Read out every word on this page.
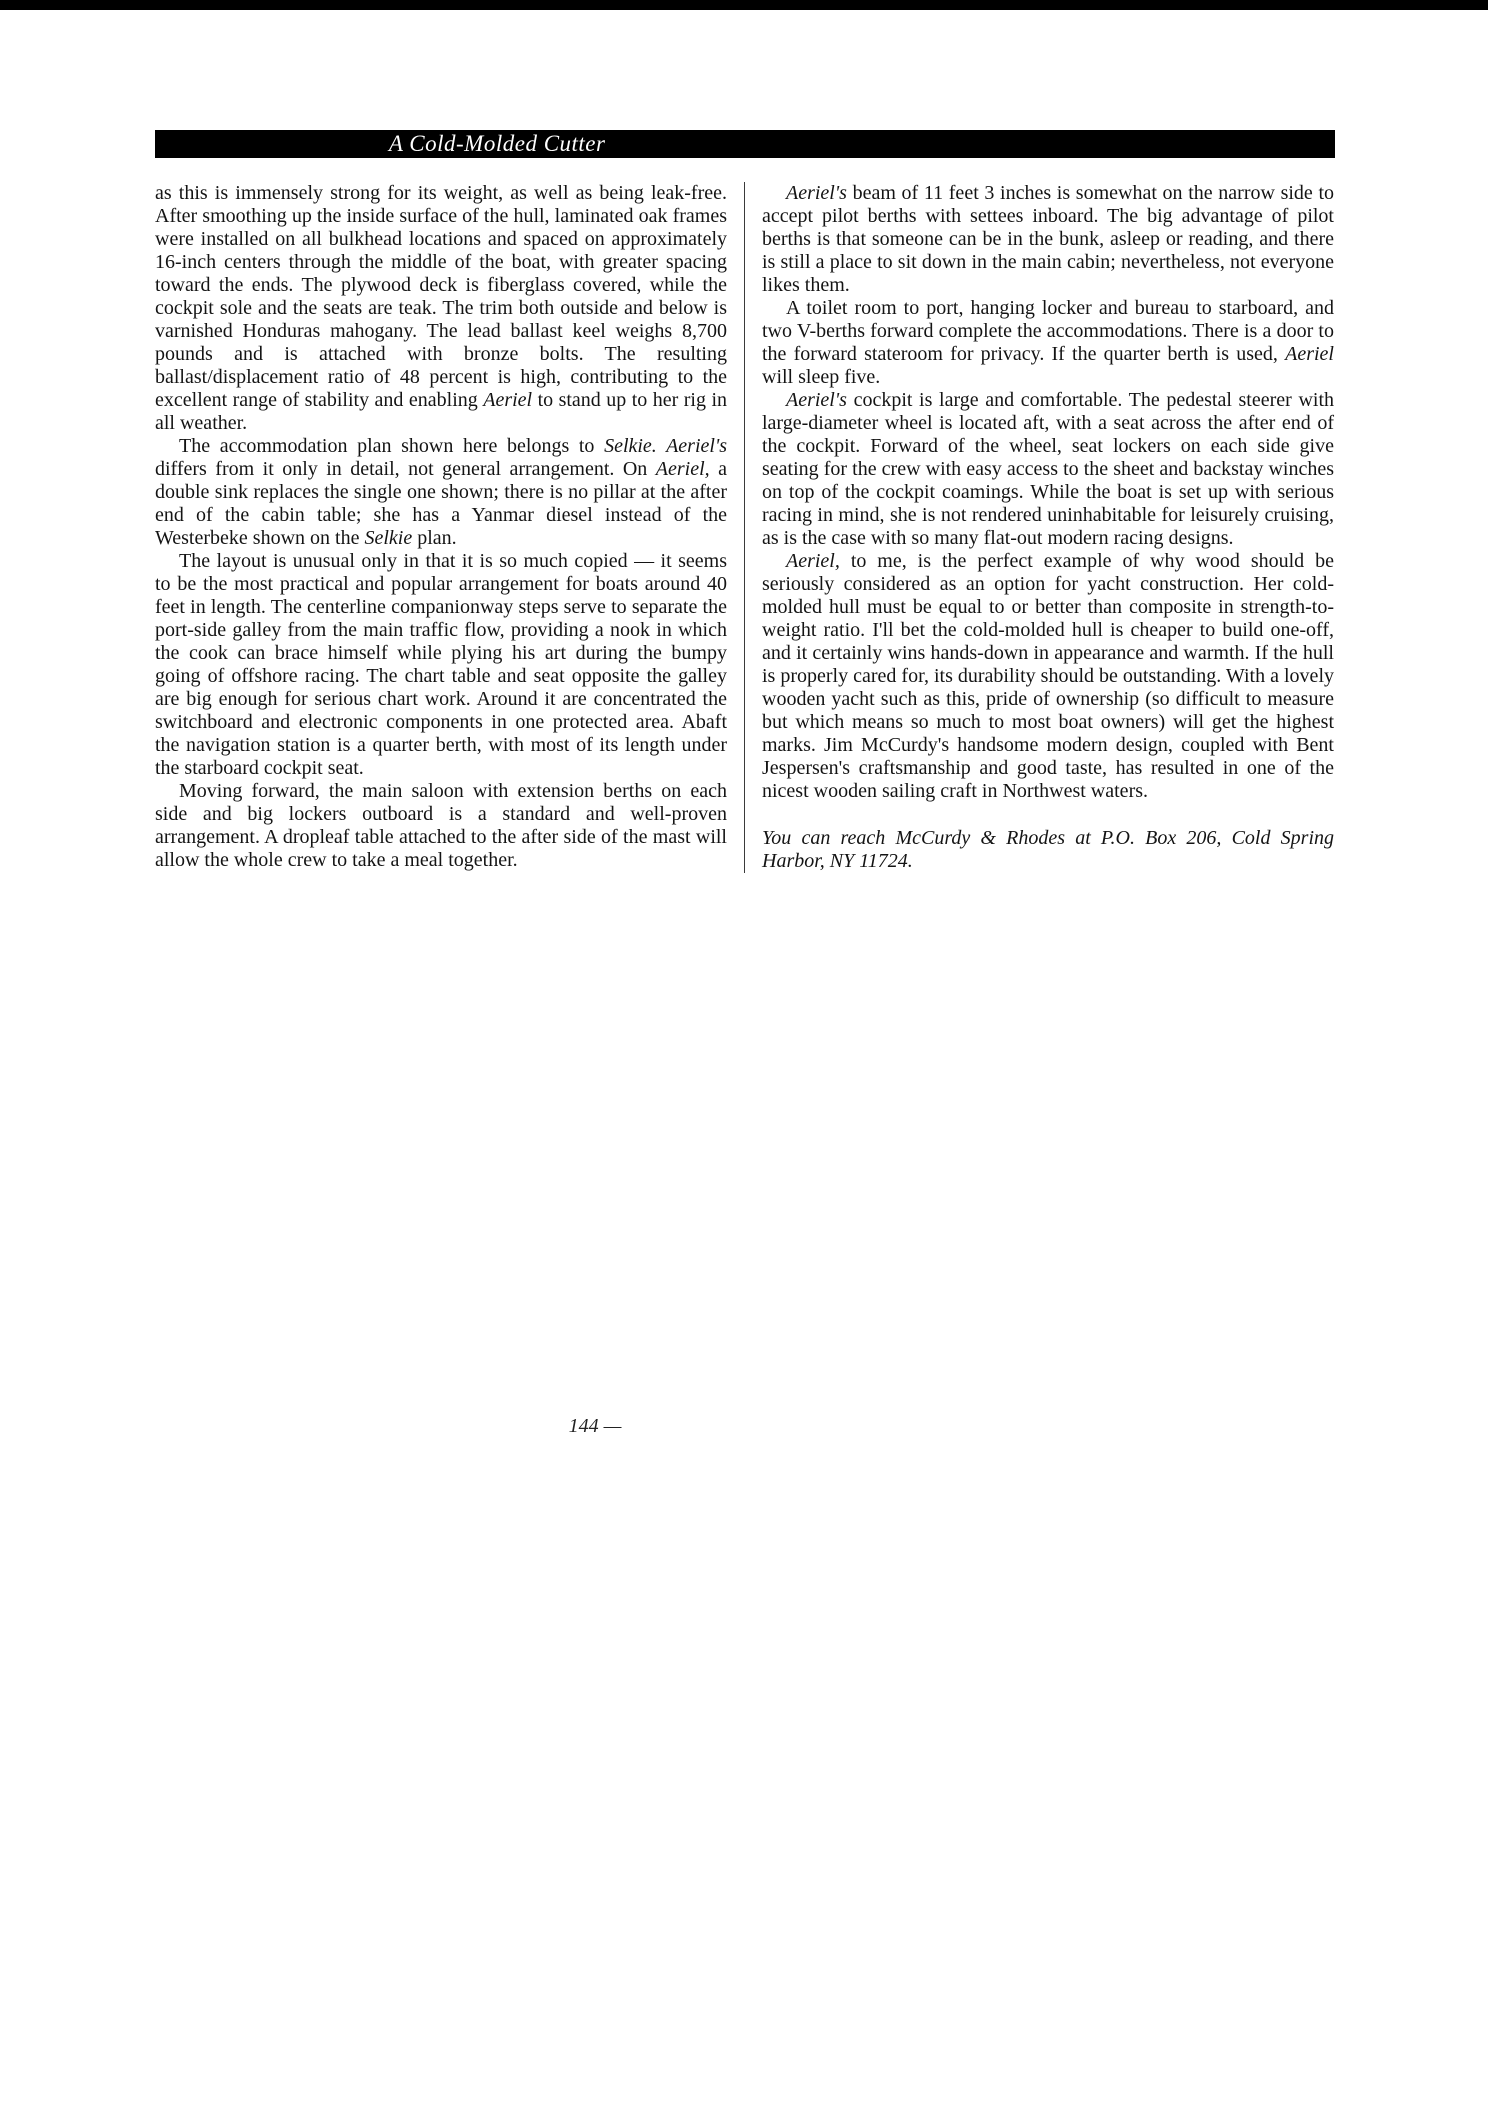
A Cold-Molded Cutter

as this is immensely strong for its weight, as well as being leak-free. After smoothing up the inside surface of the hull, laminated oak frames were installed on all bulkhead locations and spaced on approximately 16-inch centers through the middle of the boat, with greater spacing toward the ends. The plywood deck is fiberglass covered, while the cockpit sole and the seats are teak. The trim both outside and below is varnished Honduras mahogany. The lead ballast keel weighs 8,700 pounds and is attached with bronze bolts. The resulting ballast/displacement ratio of 48 percent is high, contributing to the excellent range of stability and enabling Aeriel to stand up to her rig in all weather.

The accommodation plan shown here belongs to Selkie. Aeriel's differs from it only in detail, not general arrangement. On Aeriel, a double sink replaces the single one shown; there is no pillar at the after end of the cabin table; she has a Yanmar diesel instead of the Westerbeke shown on the Selkie plan.

The layout is unusual only in that it is so much copied — it seems to be the most practical and popular arrangement for boats around 40 feet in length. The centerline companionway steps serve to separate the port-side galley from the main traffic flow, providing a nook in which the cook can brace himself while plying his art during the bumpy going of offshore racing. The chart table and seat opposite the galley are big enough for serious chart work. Around it are concentrated the switchboard and electronic components in one protected area. Abaft the navigation station is a quarter berth, with most of its length under the starboard cockpit seat.

Moving forward, the main saloon with extension berths on each side and big lockers outboard is a standard and well-proven arrangement. A dropleaf table attached to the after side of the mast will allow the whole crew to take a meal together.

Aeriel's beam of 11 feet 3 inches is somewhat on the narrow side to accept pilot berths with settees inboard. The big advantage of pilot berths is that someone can be in the bunk, asleep or reading, and there is still a place to sit down in the main cabin; nevertheless, not everyone likes them.

A toilet room to port, hanging locker and bureau to starboard, and two V-berths forward complete the accommodations. There is a door to the forward stateroom for privacy. If the quarter berth is used, Aeriel will sleep five.

Aeriel's cockpit is large and comfortable. The pedestal steerer with large-diameter wheel is located aft, with a seat across the after end of the cockpit. Forward of the wheel, seat lockers on each side give seating for the crew with easy access to the sheet and backstay winches on top of the cockpit coamings. While the boat is set up with serious racing in mind, she is not rendered uninhabitable for leisurely cruising, as is the case with so many flat-out modern racing designs.

Aeriel, to me, is the perfect example of why wood should be seriously considered as an option for yacht construction. Her cold-molded hull must be equal to or better than composite in strength-to-weight ratio. I'll bet the cold-molded hull is cheaper to build one-off, and it certainly wins hands-down in appearance and warmth. If the hull is properly cared for, its durability should be outstanding. With a lovely wooden yacht such as this, pride of ownership (so difficult to measure but which means so much to most boat owners) will get the highest marks. Jim McCurdy's handsome modern design, coupled with Bent Jespersen's craftsmanship and good taste, has resulted in one of the nicest wooden sailing craft in Northwest waters.

You can reach McCurdy & Rhodes at P.O. Box 206, Cold Spring Harbor, NY 11724.

144 —
